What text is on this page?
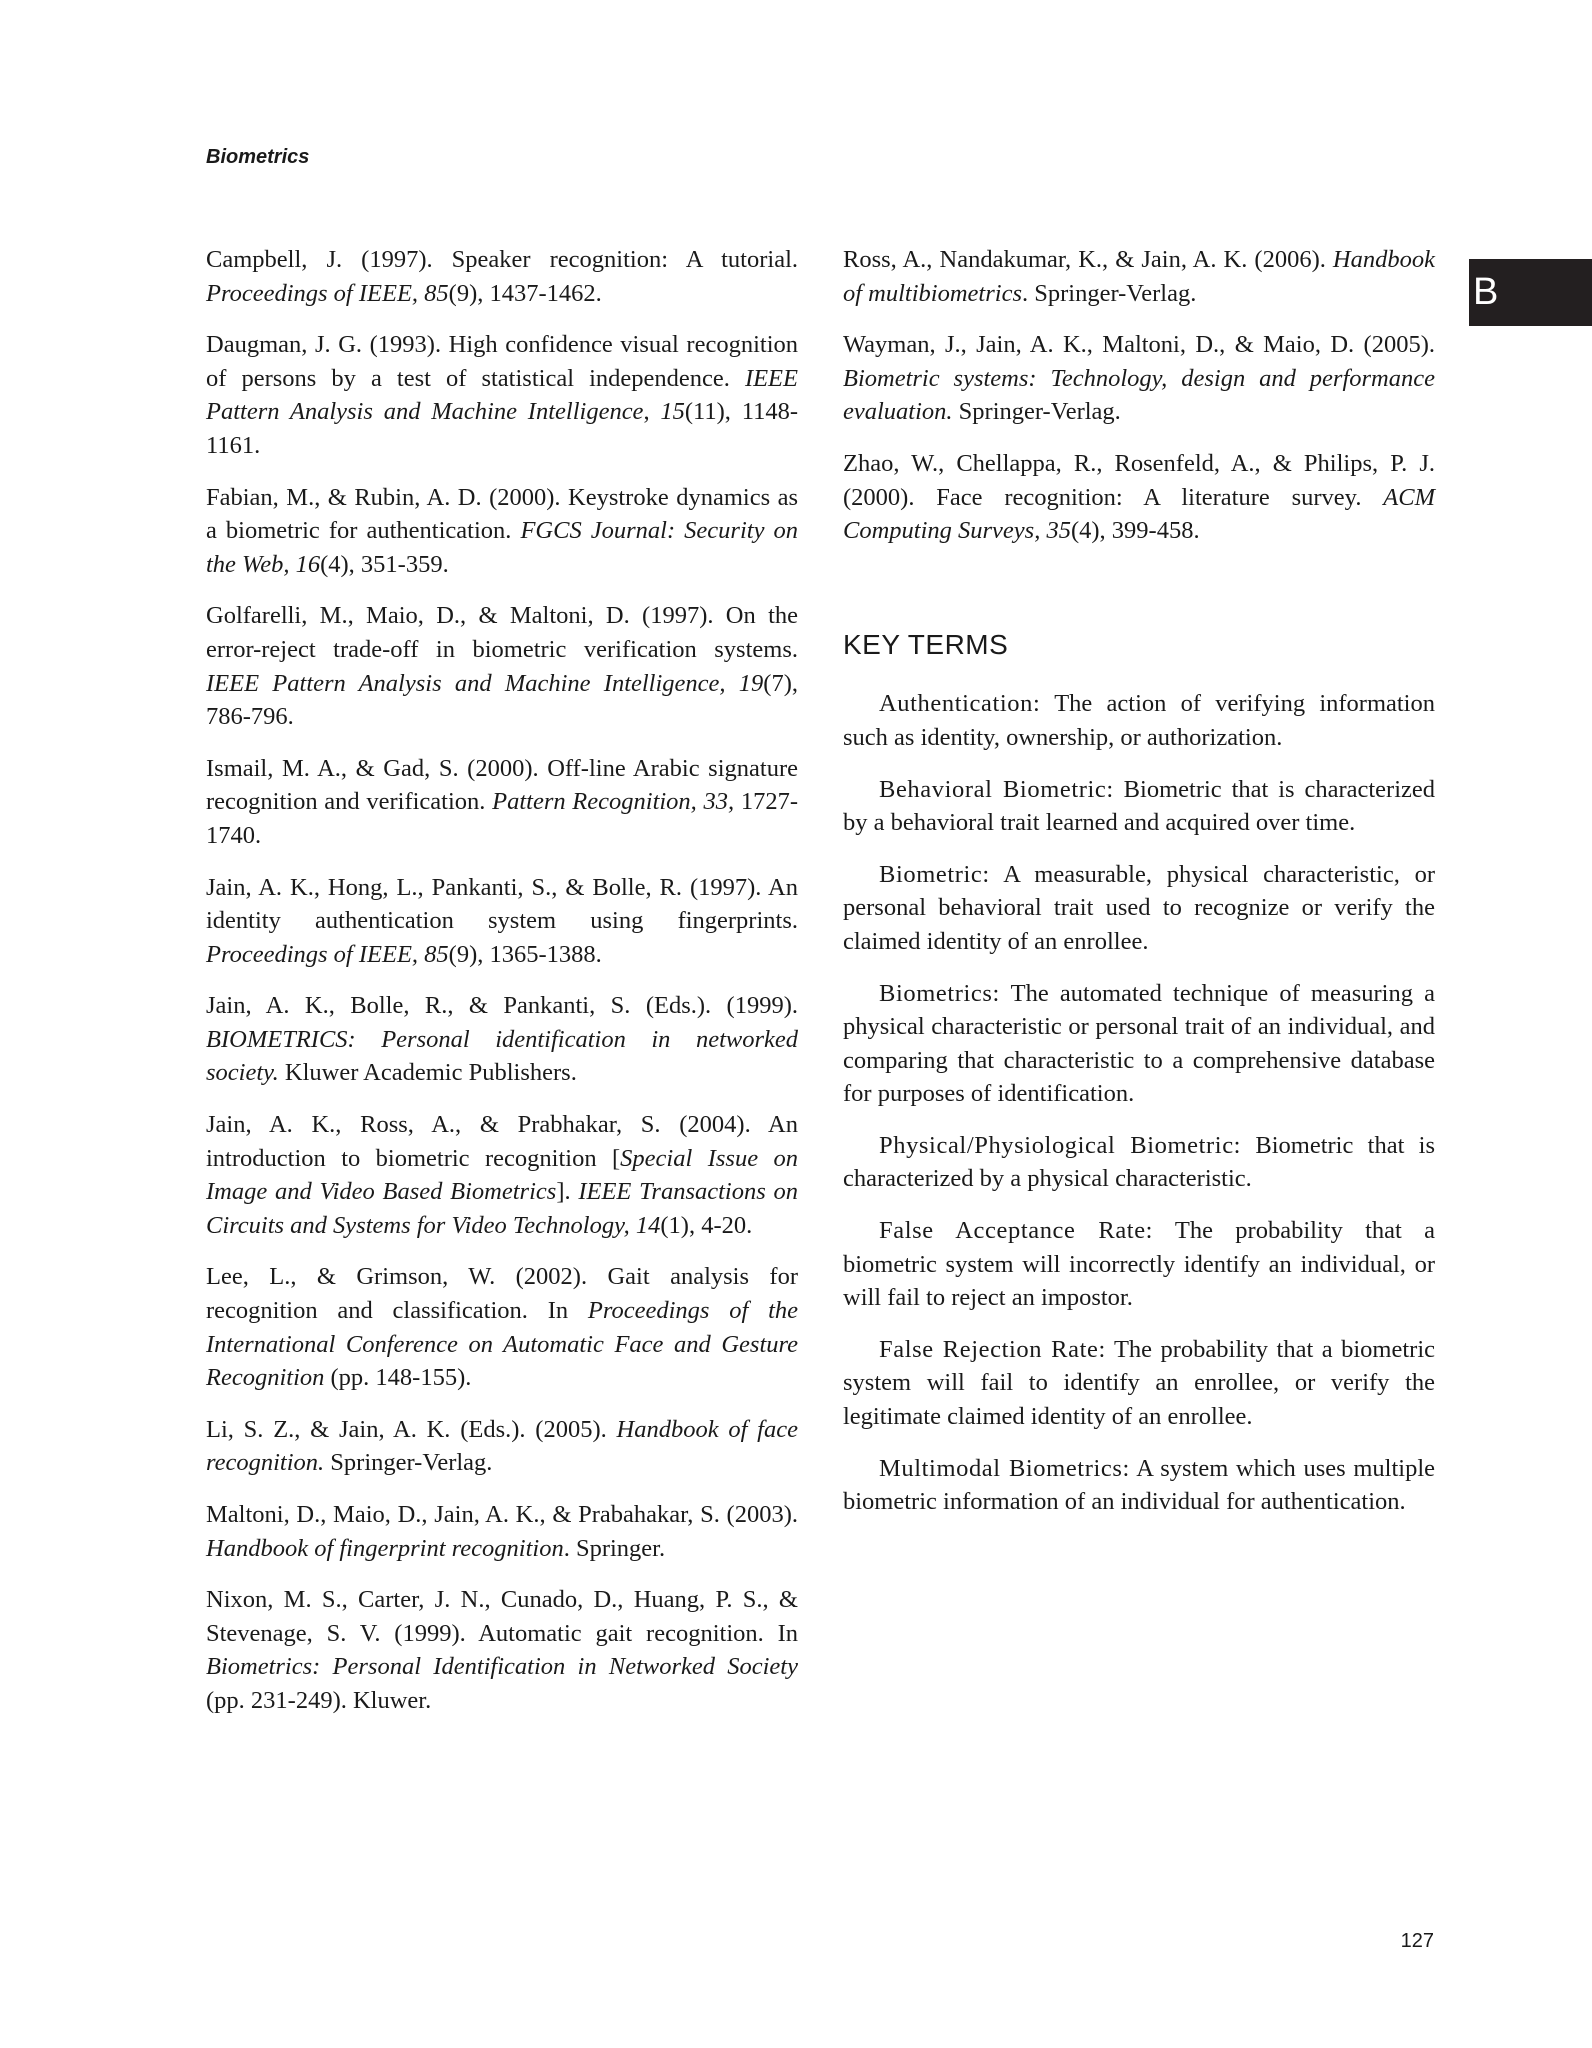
Biometrics
B

Campbell, J. (1997). Speaker recognition: A tutorial. Proceedings of IEEE, 85(9), 1437-1462.

Daugman, J. G. (1993). High confidence visual recognition of persons by a test of statistical independence. IEEE Pattern Analysis and Machine Intelligence, 15(11), 1148-1161.

Fabian, M., & Rubin, A. D. (2000). Keystroke dynamics as a biometric for authentication. FGCS Journal: Security on the Web, 16(4), 351-359.

Golfarelli, M., Maio, D., & Maltoni, D. (1997). On the error-reject trade-off in biometric verification systems. IEEE Pattern Analysis and Machine Intelligence, 19(7), 786-796.

Ismail, M. A., & Gad, S. (2000). Off-line Arabic signature recognition and verification. Pattern Recognition, 33, 1727-1740.

Jain, A. K., Hong, L., Pankanti, S., & Bolle, R. (1997). An identity authentication system using fingerprints. Proceedings of IEEE, 85(9), 1365-1388.

Jain, A. K., Bolle, R., & Pankanti, S. (Eds.). (1999). BIOMETRICS: Personal identification in networked society. Kluwer Academic Publishers.

Jain, A. K., Ross, A., & Prabhakar, S. (2004). An introduction to biometric recognition [Special Issue on Image and Video Based Biometrics]. IEEE Transactions on Circuits and Systems for Video Technology, 14(1), 4-20.

Lee, L., & Grimson, W. (2002). Gait analysis for recognition and classification. In Proceedings of the International Conference on Automatic Face and Gesture Recognition (pp. 148-155).

Li, S. Z., & Jain, A. K. (Eds.). (2005). Handbook of face recognition. Springer-Verlag.

Maltoni, D., Maio, D., Jain, A. K., & Prabahakar, S. (2003). Handbook of fingerprint recognition. Springer.

Nixon, M. S., Carter, J. N., Cunado, D., Huang, P. S., & Stevenage, S. V. (1999). Automatic gait recognition. In Biometrics: Personal Identification in Networked Society (pp. 231-249). Kluwer.

Ross, A., Nandakumar, K., & Jain, A. K. (2006). Handbook of multibiometrics. Springer-Verlag.

Wayman, J., Jain, A. K., Maltoni, D., & Maio, D. (2005). Biometric systems: Technology, design and performance evaluation. Springer-Verlag.

Zhao, W., Chellappa, R., Rosenfeld, A., & Philips, P. J. (2000). Face recognition: A literature survey. ACM Computing Surveys, 35(4), 399-458.

KEY TERMS

Authentication: The action of verifying information such as identity, ownership, or authorization.

Behavioral Biometric: Biometric that is characterized by a behavioral trait learned and acquired over time.

Biometric: A measurable, physical characteristic, or personal behavioral trait used to recognize or verify the claimed identity of an enrollee.

Biometrics: The automated technique of measuring a physical characteristic or personal trait of an individual, and comparing that characteristic to a comprehensive database for purposes of identification.

Physical/Physiological Biometric: Biometric that is characterized by a physical characteristic.

False Acceptance Rate: The probability that a biometric system will incorrectly identify an individual, or will fail to reject an impostor.

False Rejection Rate: The probability that a biometric system will fail to identify an enrollee, or verify the legitimate claimed identity of an enrollee.

Multimodal Biometrics: A system which uses multiple biometric information of an individual for authentication.

127
